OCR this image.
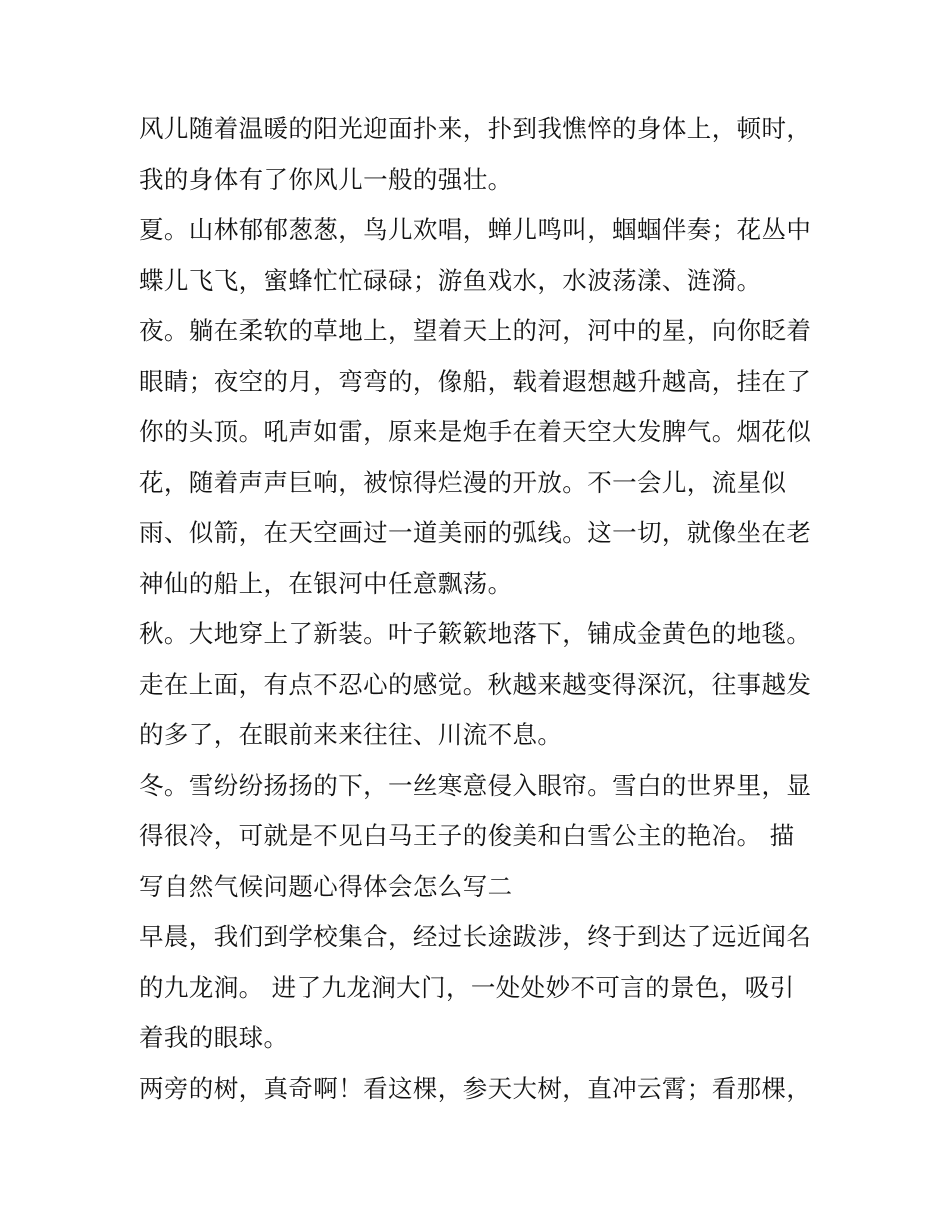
风儿随着温暖的阳光迎面扑来，扑到我憔悴的身体上，顿时，
我的身体有了你风儿一般的强壮。
夏。山林郁郁葱葱，鸟儿欢唱，蝉儿鸣叫，蝈蝈伴奏；花丛中
蝶儿飞飞，蜜蜂忙忙碌碌；游鱼戏水，水波荡漾、涟漪。
夜。躺在柔软的草地上，望着天上的河，河中的星，向你眨着
眼睛；夜空的月，弯弯的，像船，载着遐想越升越高，挂在了
你的头顶。吼声如雷，原来是炮手在着天空大发脾气。烟花似
花，随着声声巨响，被惊得烂漫的开放。不一会儿，流星似
雨、似箭，在天空画过一道美丽的弧线。这一切，就像坐在老
神仙的船上，在银河中任意飘荡。
秋。大地穿上了新装。叶子簌簌地落下，铺成金黄色的地毯。
走在上面，有点不忍心的感觉。秋越来越变得深沉，往事越发
的多了，在眼前来来往往、川流不息。
冬。雪纷纷扬扬的下，一丝寒意侵入眼帘。雪白的世界里，显
得很冷，可就是不见白马王子的俊美和白雪公主的艳冶。 描
写自然气候问题心得体会怎么写二
早晨，我们到学校集合，经过长途跋涉，终于到达了远近闻名
的九龙涧。 进了九龙涧大门，一处处妙不可言的景色，吸引
着我的眼球。
两旁的树，真奇啊！看这棵，参天大树，直冲云霄；看那棵，
